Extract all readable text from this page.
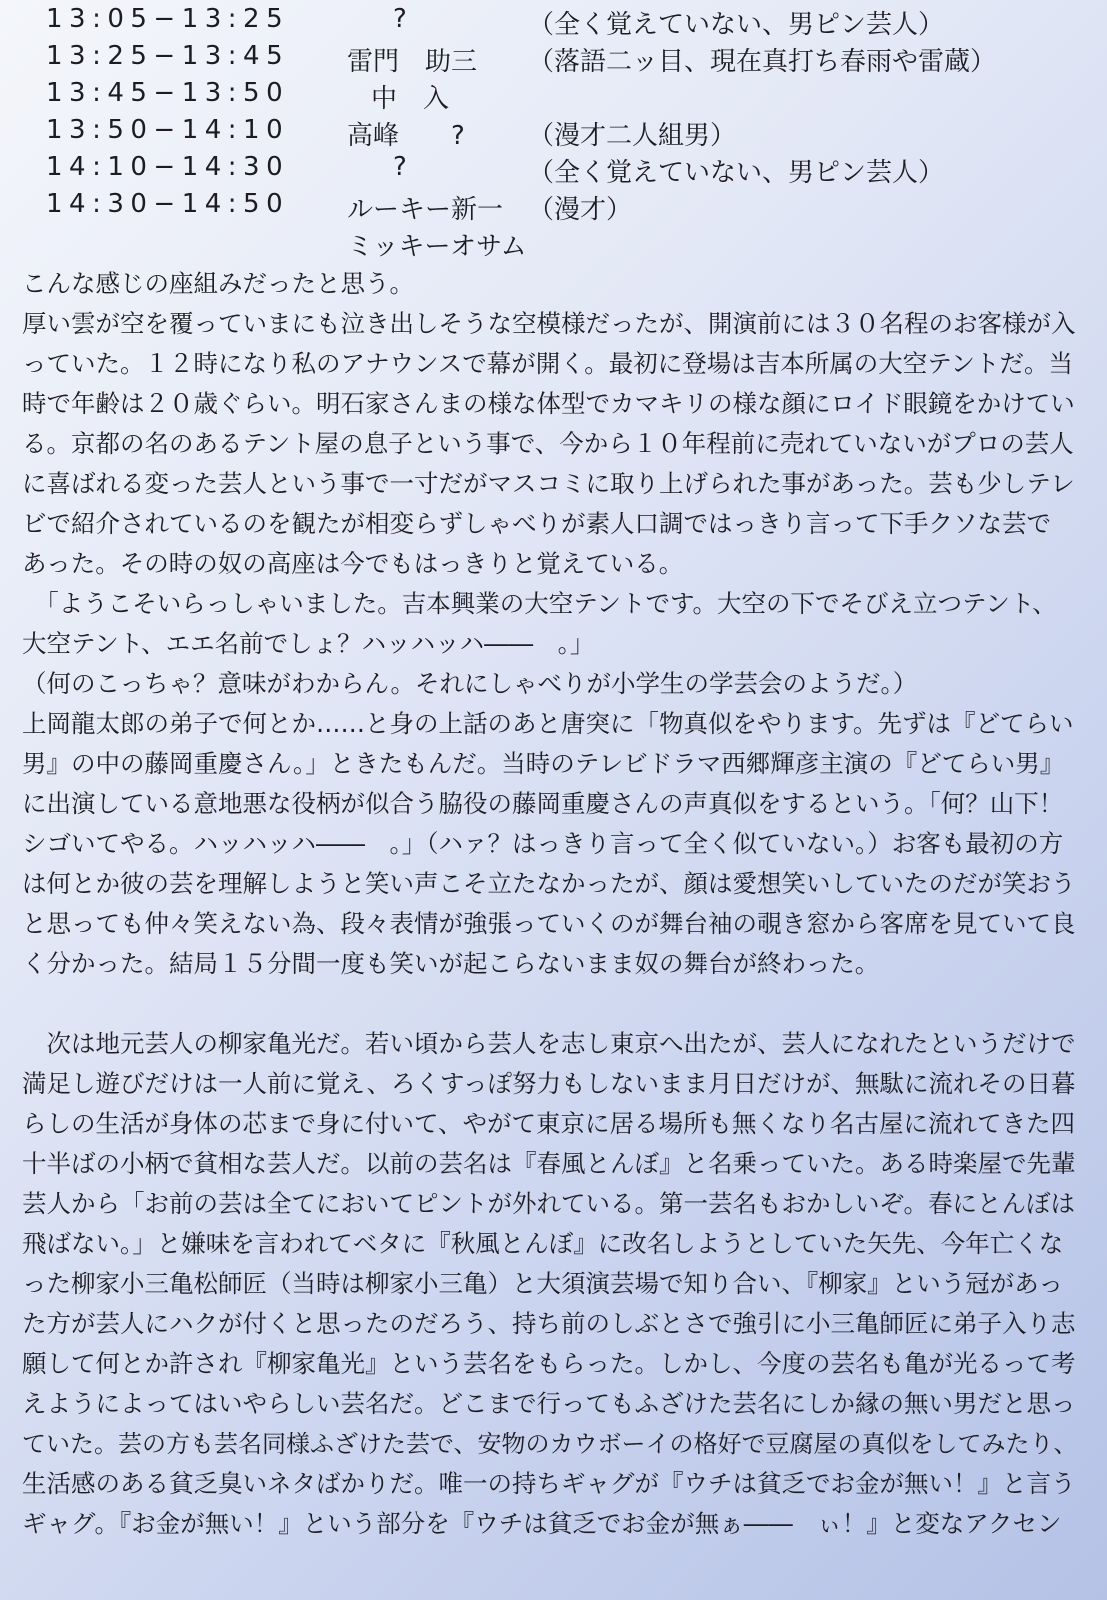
13:05−13:25	?	（全く覚えていない、男ピン芸人）
13:25−13:45 雷門　助三 （落語二ッ目、現在真打ち春雨や雷蔵）
13:45−13:50	中入
13:50−14:10 高峰　　? （漫才二人組男）
14:10−14:30	?	（全く覚えていない、男ピン芸人）
14:30−14:50 ルーキー新一 （漫才）
ミッキーオサム
こんな感じの座組みだったと思う。
厚い雲が空を覆っていまにも泣き出しそうな空模様だったが、開演前には３０名程のお客様が入
っていた。１２時になり私のアナウンスで幕が開く。最初に登場は吉本所属の大空テントだ。当
時で年齢は２０歳ぐらい。明石家さんまの様な体型でカマキリの様な顔にロイド眼鏡をかけてい
る。京都の名のあるテント屋の息子という事で、今から１０年程前に売れていないがプロの芸人
に喜ばれる変った芸人という事で一寸だがマスコミに取り上げられた事があった。芸も少しテレ
ビで紹介されているのを観たが相変らずしゃべりが素人口調ではっきり言って下手クソな芸で
あった。その時の奴の高座は今でもはっきりと覚えている。
　「ようこそいらっしゃいました。吉本興業の大空テントです。大空の下でそびえ立つテント、
大空テント、エエ名前でしょ？ハッハッハ――　。」
（何のこっちゃ？意味がわからん。それにしゃべりが小学生の学芸会のようだ。）
上岡龍太郎の弟子で何とか……と身の上話のあと唐突に「物真似をやります。先ずは『どてらい
男』の中の藤岡重慶さん。」ときたもんだ。当時のテレビドラマ西郷輝彦主演の『どてらい男』
に出演している意地悪な役柄が似合う脇役の藤岡重慶さんの声真似をするという。「何？山下！
シゴいてやる。ハッハッハ――　。」（ハァ？はっきり言って全く似ていない。）お客も最初の方
は何とか彼の芸を理解しようと笑い声こそ立たなかったが、顔は愛想笑いしていたのだが笑おう
と思っても仲々笑えない為、段々表情が強張っていくのが舞台袖の覗き窓から客席を見ていて良
く分かった。結局１５分間一度も笑いが起こらないまま奴の舞台が終わった。
　次は地元芸人の柳家亀光だ。若い頃から芸人を志し東京へ出たが、芸人になれたというだけで
満足し遊びだけは一人前に覚え、ろくすっぽ努力もしないまま月日だけが、無駄に流れその日暮
らしの生活が身体の芯まで身に付いて、やがて東京に居る場所も無くなり名古屋に流れてきた四
十半ばの小柄で貧相な芸人だ。以前の芸名は『春風とんぼ』と名乗っていた。ある時楽屋で先輩
芸人から「お前の芸は全てにおいてピントが外れている。第一芸名もおかしいぞ。春にとんぼは
飛ばない。」と嫌味を言われてベタに『秋風とんぼ』に改名しようとしていた矢先、今年亡くな
った柳家小三亀松師匠（当時は柳家小三亀）と大須演芸場で知り合い、『柳家』という冠があっ
た方が芸人にハクが付くと思ったのだろう、持ち前のしぶとさで強引に小三亀師匠に弟子入り志
願して何とか許され『柳家亀光』という芸名をもらった。しかし、今度の芸名も亀が光るって考
えようによってはいやらしい芸名だ。どこまで行ってもふざけた芸名にしか縁の無い男だと思っ
ていた。芸の方も芸名同様ふざけた芸で、安物のカウボーイの格好で豆腐屋の真似をしてみたり、
生活感のある貧乏臭いネタばかりだ。唯一の持ちギャグが『ウチは貧乏でお金が無い！』と言う
ギャグ。『お金が無い！』という部分を『ウチは貧乏でお金が無ぁ――　ぃ！』と変なアクセン
